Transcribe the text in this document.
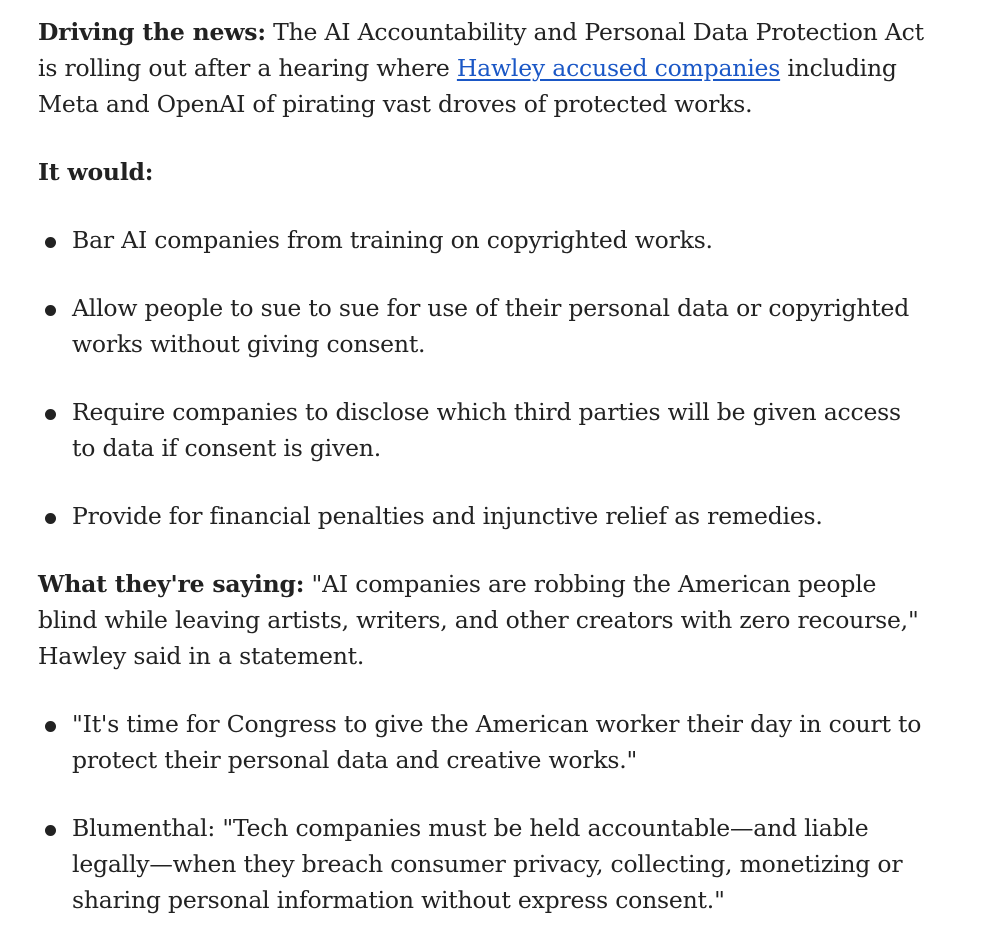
Driving the news: The AI Accountability and Personal Data Protection Act is rolling out after a hearing where Hawley accused companies including Meta and OpenAI of pirating vast droves of protected works.

It would:

Bar AI companies from training on copyrighted works.
Allow people to sue to sue for use of their personal data or copyrighted works without giving consent.
Require companies to disclose which third parties will be given access to data if consent is given.
Provide for financial penalties and injunctive relief as remedies.

What they're saying: "AI companies are robbing the American people blind while leaving artists, writers, and other creators with zero recourse," Hawley said in a statement.

"It's time for Congress to give the American worker their day in court to protect their personal data and creative works."
Blumenthal: "Tech companies must be held accountable—and liable legally—when they breach consumer privacy, collecting, monetizing or sharing personal information without express consent."
